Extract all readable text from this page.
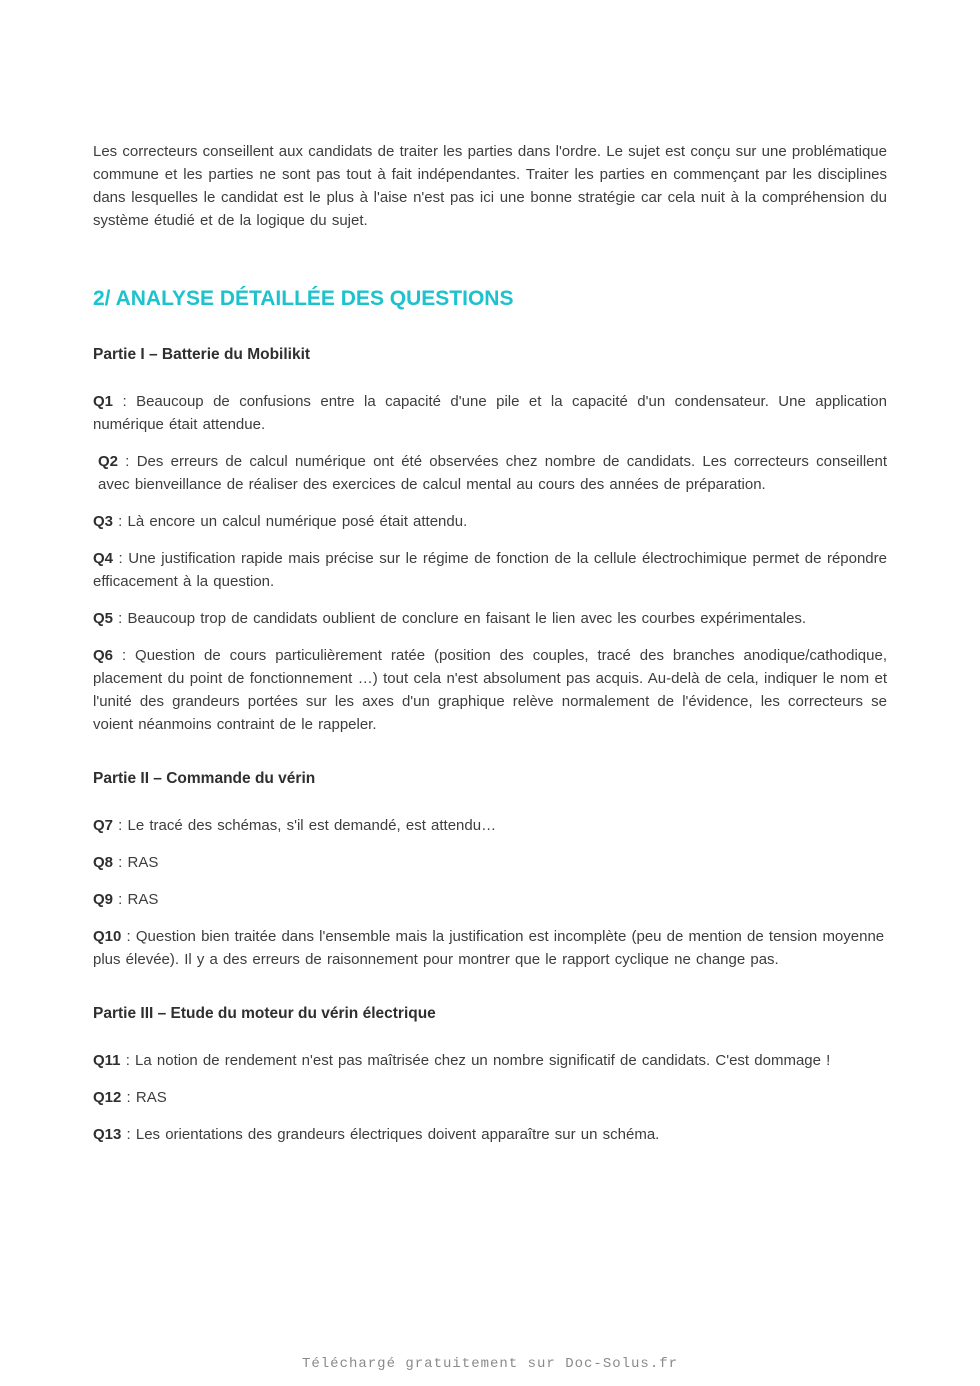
Les correcteurs conseillent aux candidats de traiter les parties dans l'ordre. Le sujet est conçu sur une problématique commune et les parties ne sont pas tout à fait indépendantes. Traiter les parties en commençant par les disciplines dans lesquelles le candidat est le plus à l'aise n'est pas ici une bonne stratégie car cela nuit à la compréhension du système étudié et de la logique du sujet.

2/ ANALYSE DÉTAILLÉE DES QUESTIONS
Partie I – Batterie du Mobilikit

Q1 : Beaucoup de confusions entre la capacité d'une pile et la capacité d'un condensateur. Une application numérique était attendue.

Q2 : Des erreurs de calcul numérique ont été observées chez nombre de candidats. Les correcteurs conseillent avec bienveillance de réaliser des exercices de calcul mental au cours des années de préparation.

Q3 : Là encore un calcul numérique posé était attendu.

Q4 : Une justification rapide mais précise sur le régime de fonction de la cellule électrochimique permet de répondre efficacement à la question.

Q5 : Beaucoup trop de candidats oublient de conclure en faisant le lien avec les courbes expérimentales.

Q6 : Question de cours particulièrement ratée (position des couples, tracé des branches anodique/cathodique, placement du point de fonctionnement …) tout cela n'est absolument pas acquis. Au-delà de cela, indiquer le nom et l'unité des grandeurs portées sur les axes d'un graphique relève normalement de l'évidence, les correcteurs se voient néanmoins contraint de le rappeler.

Partie II – Commande du vérin

Q7 : Le tracé des schémas, s'il est demandé, est attendu…

Q8 : RAS

Q9 : RAS

Q10 : Question bien traitée dans l'ensemble mais la justification est incomplète (peu de mention de tension moyenne plus élevée). Il y a des erreurs de raisonnement pour montrer que le rapport cyclique ne change pas.

Partie III – Etude du moteur du vérin électrique

Q11 : La notion de rendement n'est pas maîtrisée chez un nombre significatif de candidats. C'est dommage !

Q12 : RAS

Q13 : Les orientations des grandeurs électriques doivent apparaître sur un schéma.

Téléchargé gratuitement sur Doc-Solus.fr
